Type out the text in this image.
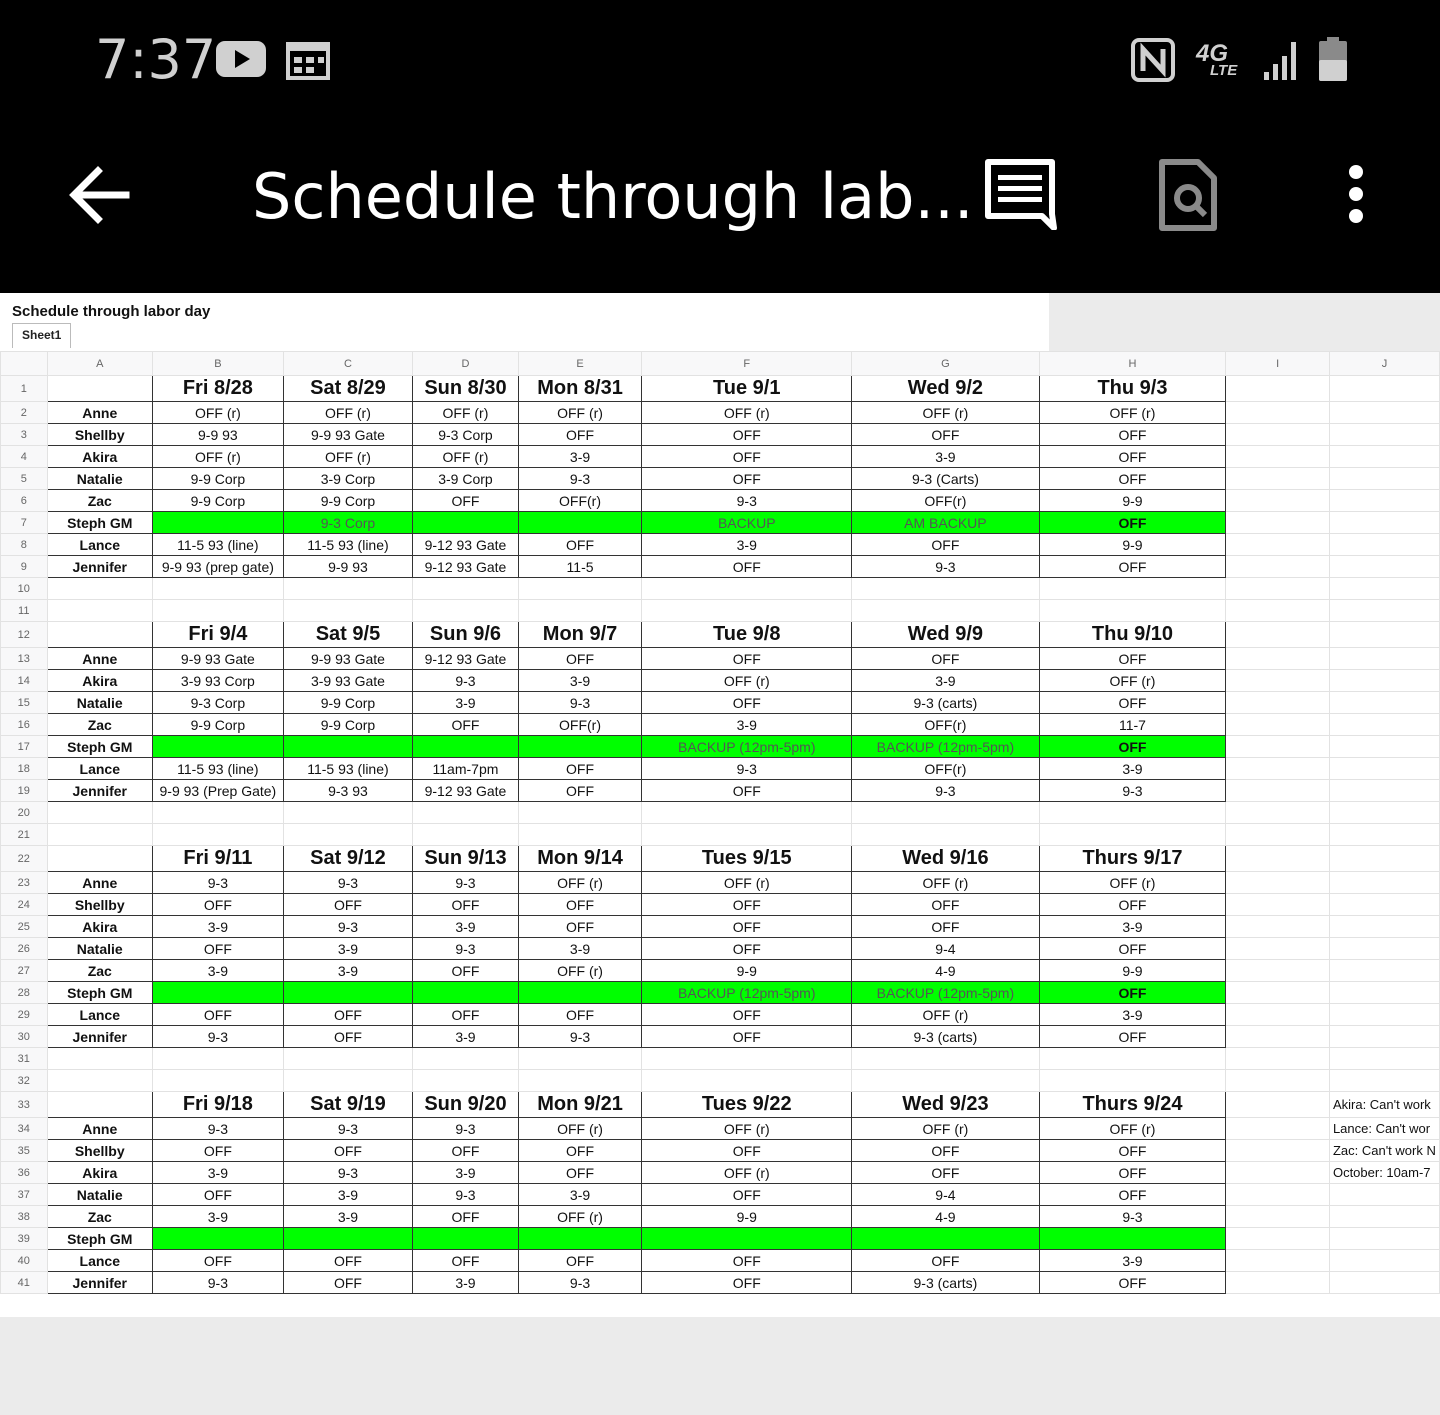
7:37	4G
LTE
Schedule through lab...
Schedule through labor day
Sheet1
	A	B	C	D	E	F	G	H	I	J
1		Fri 8/28	Sat 8/29	Sun 8/30	Mon 8/31	Tue 9/1	Wed 9/2	Thu 9/3		
2	Anne	OFF (r)	OFF (r)	OFF (r)	OFF (r)	OFF (r)	OFF (r)	OFF (r)		
3	Shellby	9-9 93	9-9 93 Gate	9-3 Corp	OFF	OFF	OFF	OFF		
4	Akira	OFF (r)	OFF (r)	OFF (r)	3-9	OFF	3-9	OFF		
5	Natalie	9-9 Corp	3-9 Corp	3-9 Corp	9-3	OFF	9-3 (Carts)	OFF		
6	Zac	9-9 Corp	9-9 Corp	OFF	OFF(r)	9-3	OFF(r)	9-9		
7	Steph GM		9-3 Corp			BACKUP	AM BACKUP	OFF		
8	Lance	11-5 93 (line)	11-5 93 (line)	9-12 93 Gate	OFF	3-9	OFF	9-9		
9	Jennifer	9-9 93 (prep gate)	9-9 93	9-12 93 Gate	11-5	OFF	9-3	OFF		
10										
11										
12		Fri 9/4	Sat 9/5	Sun 9/6	Mon 9/7	Tue 9/8	Wed 9/9	Thu 9/10		
13	Anne	9-9 93 Gate	9-9 93 Gate	9-12 93 Gate	OFF	OFF	OFF	OFF		
14	Akira	3-9 93 Corp	3-9 93 Gate	9-3	3-9	OFF (r)	3-9	OFF (r)		
15	Natalie	9-3 Corp	9-9 Corp	3-9	9-3	OFF	9-3 (carts)	OFF		
16	Zac	9-9 Corp	9-9 Corp	OFF	OFF(r)	3-9	OFF(r)	11-7		
17	Steph GM					BACKUP (12pm-5pm)	BACKUP (12pm-5pm)	OFF		
18	Lance	11-5 93 (line)	11-5 93 (line)	11am-7pm	OFF	9-3	OFF(r)	3-9		
19	Jennifer	9-9 93 (Prep Gate)	9-3 93	9-12 93 Gate	OFF	OFF	9-3	9-3		
20										
21										
22		Fri 9/11	Sat 9/12	Sun 9/13	Mon 9/14	Tues 9/15	Wed 9/16	Thurs 9/17		
23	Anne	9-3	9-3	9-3	OFF (r)	OFF (r)	OFF (r)	OFF (r)		
24	Shellby	OFF	OFF	OFF	OFF	OFF	OFF	OFF		
25	Akira	3-9	9-3	3-9	OFF	OFF	OFF	3-9		
26	Natalie	OFF	3-9	9-3	3-9	OFF	9-4	OFF		
27	Zac	3-9	3-9	OFF	OFF (r)	9-9	4-9	9-9		
28	Steph GM					BACKUP (12pm-5pm)	BACKUP (12pm-5pm)	OFF		
29	Lance	OFF	OFF	OFF	OFF	OFF	OFF (r)	3-9		
30	Jennifer	9-3	OFF	3-9	9-3	OFF	9-3 (carts)	OFF		
31										
32										
33		Fri 9/18	Sat 9/19	Sun 9/20	Mon 9/21	Tues 9/22	Wed 9/23	Thurs 9/24		Akira: Can't work
34	Anne	9-3	9-3	9-3	OFF (r)	OFF (r)	OFF (r)	OFF (r)		Lance: Can't wor
35	Shellby	OFF	OFF	OFF	OFF	OFF	OFF	OFF		Zac: Can't work N
36	Akira	3-9	9-3	3-9	OFF	OFF (r)	OFF	OFF		October: 10am-7
37	Natalie	OFF	3-9	9-3	3-9	OFF	9-4	OFF		
38	Zac	3-9	3-9	OFF	OFF (r)	9-9	4-9	9-3		
39	Steph GM									
40	Lance	OFF	OFF	OFF	OFF	OFF	OFF	3-9		
41	Jennifer	9-3	OFF	3-9	9-3	OFF	9-3 (carts)	OFF		
